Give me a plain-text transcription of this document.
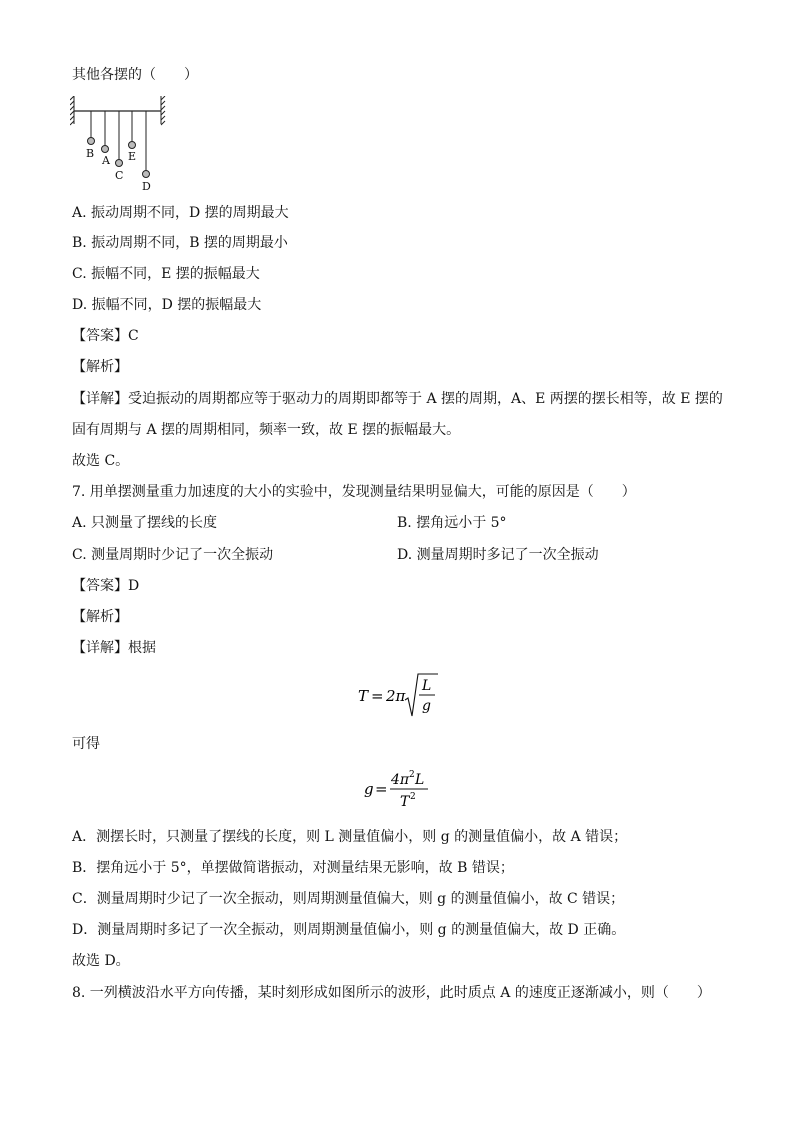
其他各摆的（　　）
B
A
C
E
D
A. 振动周期不同，D 摆的周期最大
B. 振动周期不同，B 摆的周期最小
C. 振幅不同，E 摆的振幅最大
D. 振幅不同，D 摆的振幅最大
【答案】C
【解析】
【详解】受迫振动的周期都应等于驱动力的周期即都等于 A 摆的周期，A、E 两摆的摆长相等，故 E 摆的
固有周期与 A 摆的周期相同，频率一致，故 E 摆的振幅最大。
故选 C。
7. 用单摆测量重力加速度的大小的实验中，发现测量结果明显偏大，可能的原因是（　　）
A. 只测量了摆线的长度	B. 摆角远小于 5°
C. 测量周期时少记了一次全振动	D. 测量周期时多记了一次全振动
【答案】D
【解析】
【详解】根据
T = 2π
L
g
可得
g = 4π 2 L
T 2
A．测摆长时，只测量了摆线的长度，则 L 测量值偏小，则 g 的测量值偏小，故 A 错误；
B．摆角远小于 5°，单摆做简谐振动，对测量结果无影响，故 B 错误；
C．测量周期时少记了一次全振动，则周期测量值偏大，则 g 的测量值偏小，故 C 错误；
D．测量周期时多记了一次全振动，则周期测量值偏小，则 g 的测量值偏大，故 D 正确。
故选 D。
8. 一列横波沿水平方向传播，某时刻形成如图所示的波形，此时质点 A 的速度正逐渐减小，则（　　）
